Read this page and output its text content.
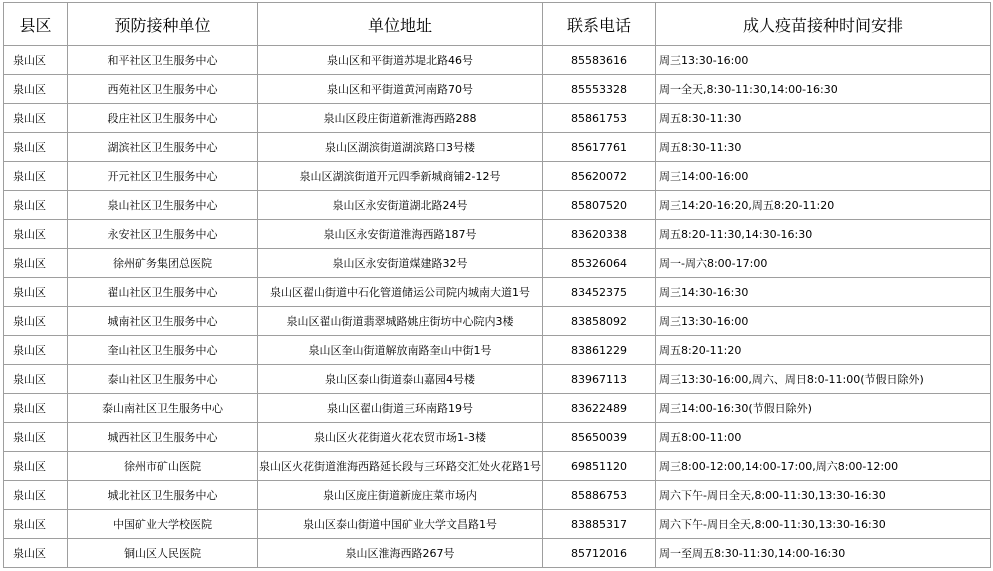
县区	预防接种单位	单位地址	联系电话	成人疫苗接种时间安排
泉山区	和平社区卫生服务中心	泉山区和平街道苏堤北路46号	85583616	周三13:30-16:00
泉山区	西苑社区卫生服务中心	泉山区和平街道黄河南路70号	85553328	周一全天,8:30-11:30,14:00-16:30
泉山区	段庄社区卫生服务中心	泉山区段庄街道新淮海西路288	85861753	周五8:30-11:30
泉山区	湖滨社区卫生服务中心	泉山区湖滨街道湖滨路口3号楼	85617761	周五8:30-11:30
泉山区	开元社区卫生服务中心	泉山区湖滨街道开元四季新城商铺2-12号	85620072	周三14:00-16:00
泉山区	泉山社区卫生服务中心	泉山区永安街道湖北路24号	85807520	周三14:20-16:20,周五8:20-11:20
泉山区	永安社区卫生服务中心	泉山区永安街道淮海西路187号	83620338	周五8:20-11:30,14:30-16:30
泉山区	徐州矿务集团总医院	泉山区永安街道煤建路32号	85326064	周一-周六8:00-17:00
泉山区	翟山社区卫生服务中心	泉山区翟山街道中石化管道储运公司院内城南大道1号	83452375	周三14:30-16:30
泉山区	城南社区卫生服务中心	泉山区翟山街道翡翠城路姚庄街坊中心院内3楼	83858092	周三13:30-16:00
泉山区	奎山社区卫生服务中心	泉山区奎山街道解放南路奎山中街1号	83861229	周五8:20-11:20
泉山区	泰山社区卫生服务中心	泉山区泰山街道泰山嘉园4号楼	83967113	周三13:30-16:00,周六、周日8:0-11:00(节假日除外)
泉山区	泰山南社区卫生服务中心	泉山区翟山街道三环南路19号	83622489	周三14:00-16:30(节假日除外)
泉山区	城西社区卫生服务中心	泉山区火花街道火花农贸市场1-3楼	85650039	周五8:00-11:00
泉山区	徐州市矿山医院	泉山区火花街道淮海西路延长段与三环路交汇处火花路1号	69851120	周三8:00-12:00,14:00-17:00,周六8:00-12:00
泉山区	城北社区卫生服务中心	泉山区庞庄街道新庞庄菜市场内	85886753	周六下午-周日全天,8:00-11:30,13:30-16:30
泉山区	中国矿业大学校医院	泉山区泰山街道中国矿业大学文昌路1号	83885317	周六下午-周日全天,8:00-11:30,13:30-16:30
泉山区	铜山区人民医院	泉山区淮海西路267号	85712016	周一至周五8:30-11:30,14:00-16:30
